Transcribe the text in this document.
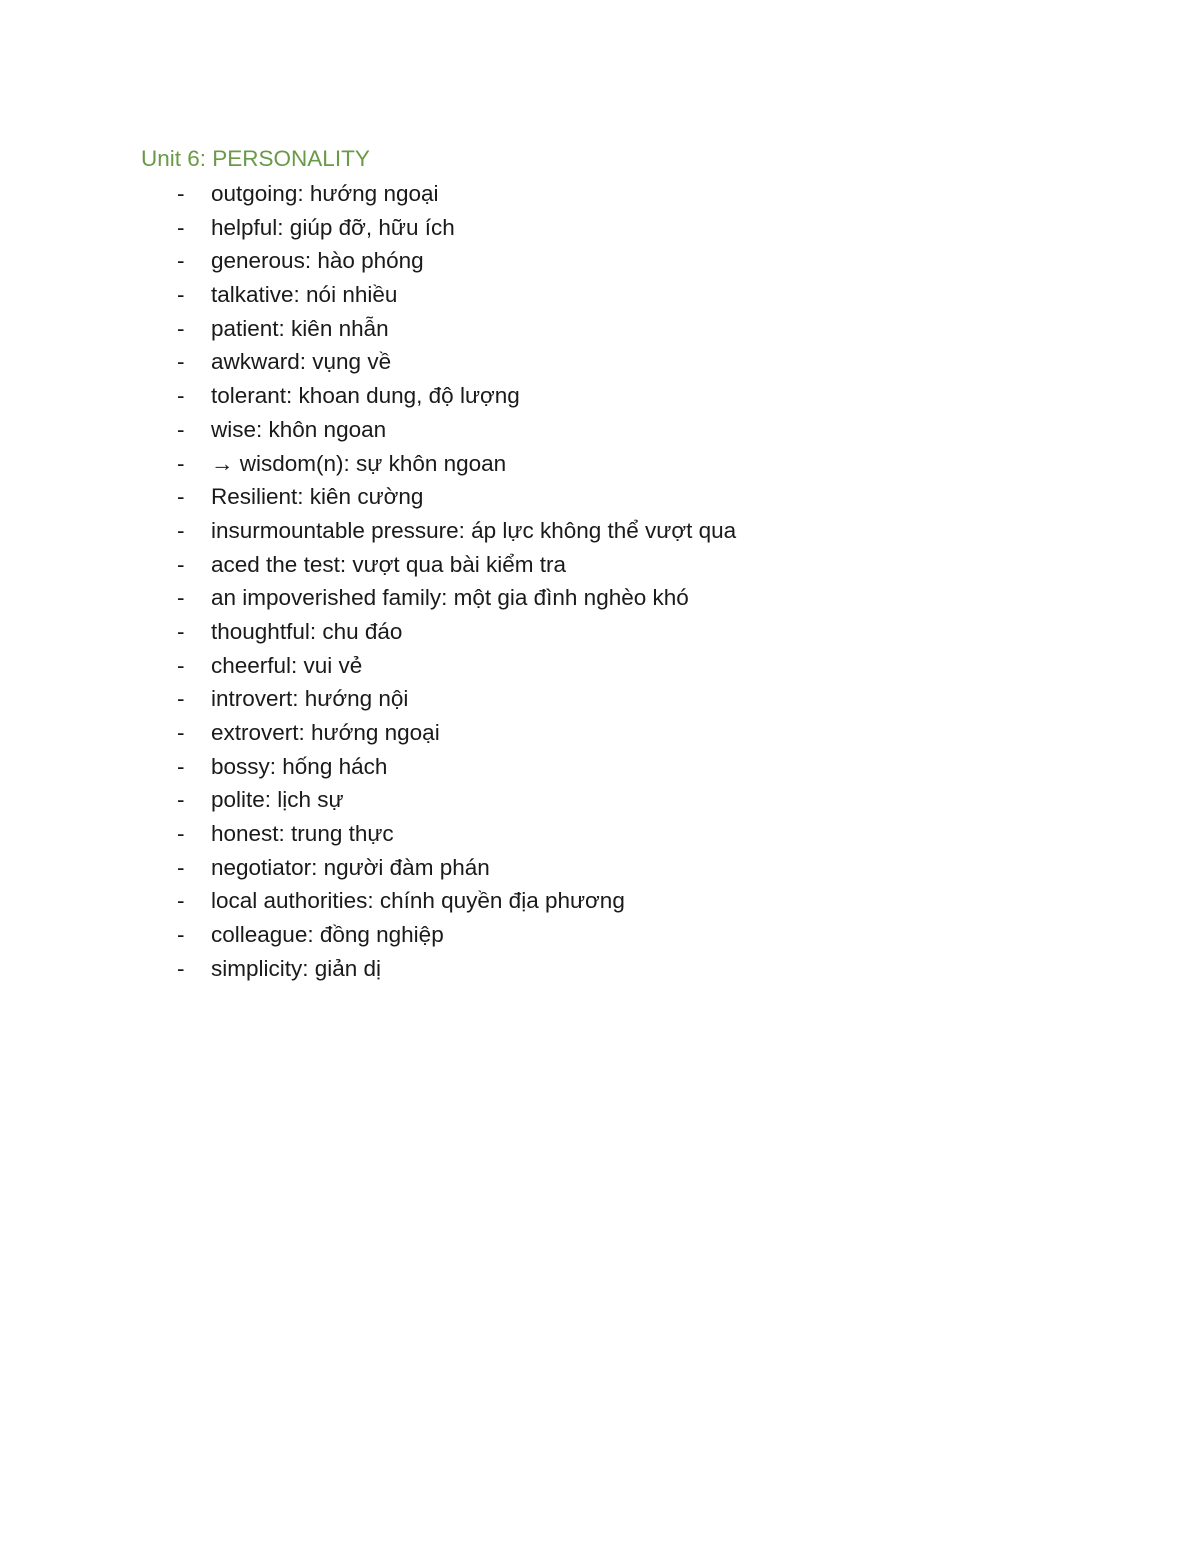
Unit 6: PERSONALITY
- outgoing: hướng ngoại
- helpful: giúp đỡ, hữu ích
- generous: hào phóng
- talkative: nói nhiều
- patient: kiên nhẫn
- awkward: vụng về
- tolerant: khoan dung, độ lượng
- wise: khôn ngoan
- → wisdom(n): sự khôn ngoan
- Resilient: kiên cường
- insurmountable pressure: áp lực không thể vượt qua
- aced the test: vượt qua bài kiểm tra
- an impoverished family: một gia đình nghèo khó
- thoughtful: chu đáo
- cheerful: vui vẻ
- introvert: hướng nội
- extrovert: hướng ngoại
- bossy: hống hách
- polite: lịch sự
- honest: trung thực
- negotiator: người đàm phán
- local authorities: chính quyền địa phương
- colleague: đồng nghiệp
- simplicity: giản dị
